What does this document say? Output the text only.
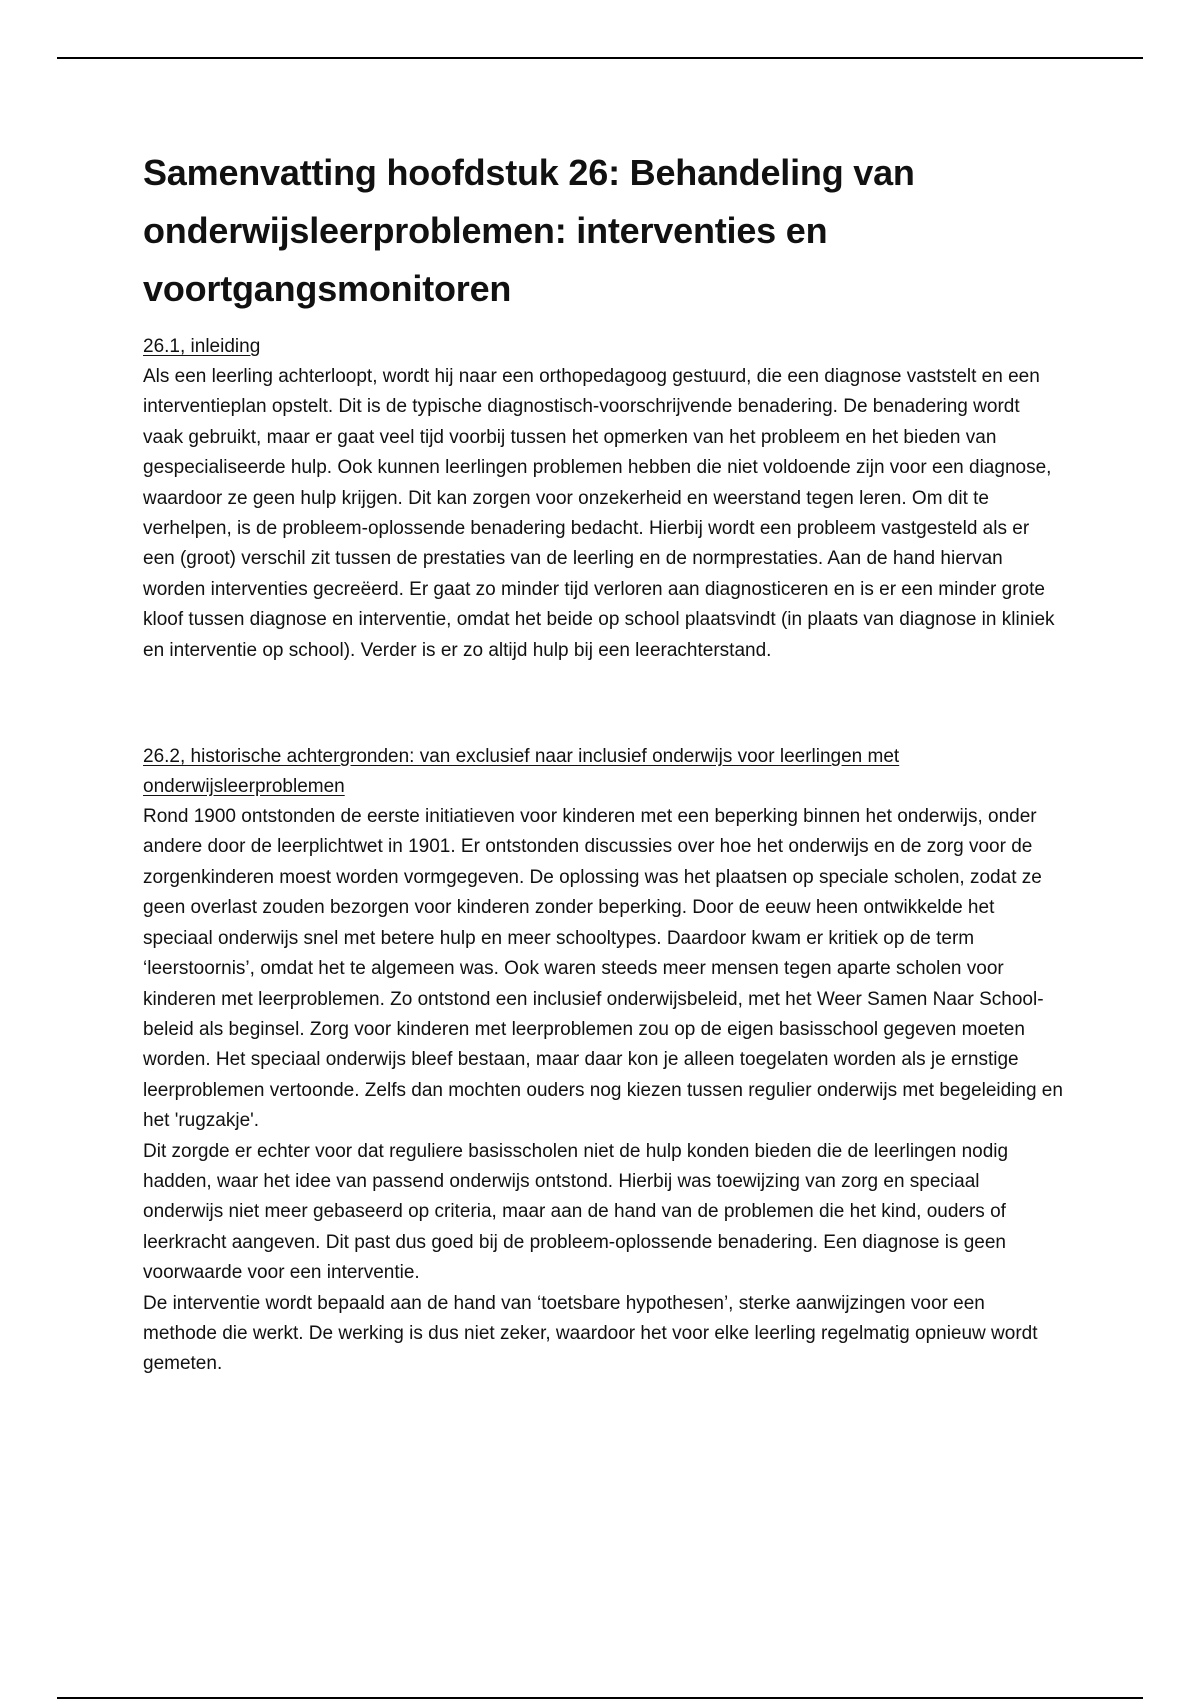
Samenvatting hoofdstuk 26: Behandeling van onderwijsleerproblemen: interventies en voortgangsmonitoren

26.1, inleiding

Als een leerling achterloopt, wordt hij naar een orthopedagoog gestuurd, die een diagnose vaststelt en een interventieplan opstelt. Dit is de typische diagnostisch-voorschrijvende benadering. De benadering wordt vaak gebruikt, maar er gaat veel tijd voorbij tussen het opmerken van het probleem en het bieden van gespecialiseerde hulp. Ook kunnen leerlingen problemen hebben die niet voldoende zijn voor een diagnose, waardoor ze geen hulp krijgen. Dit kan zorgen voor onzekerheid en weerstand tegen leren. Om dit te verhelpen, is de probleem-oplossende benadering bedacht. Hierbij wordt een probleem vastgesteld als er een (groot) verschil zit tussen de prestaties van de leerling en de normprestaties. Aan de hand hiervan worden interventies gecreëerd. Er gaat zo minder tijd verloren aan diagnosticeren en is er een minder grote kloof tussen diagnose en interventie, omdat het beide op school plaatsvindt (in plaats van diagnose in kliniek en interventie op school). Verder is er zo altijd hulp bij een leerachterstand.

26.2, historische achtergronden: van exclusief naar inclusief onderwijs voor leerlingen met onderwijsleerproblemen

Rond 1900 ontstonden de eerste initiatieven voor kinderen met een beperking binnen het onderwijs, onder andere door de leerplichtwet in 1901. Er ontstonden discussies over hoe het onderwijs en de zorg voor de zorgenkinderen moest worden vormgegeven. De oplossing was het plaatsen op speciale scholen, zodat ze geen overlast zouden bezorgen voor kinderen zonder beperking. Door de eeuw heen ontwikkelde het speciaal onderwijs snel met betere hulp en meer schooltypes. Daardoor kwam er kritiek op de term ‘leerstoornis’, omdat het te algemeen was. Ook waren steeds meer mensen tegen aparte scholen voor kinderen met leerproblemen. Zo ontstond een inclusief onderwijsbeleid, met het Weer Samen Naar School-beleid als beginsel. Zorg voor kinderen met leerproblemen zou op de eigen basisschool gegeven moeten worden. Het speciaal onderwijs bleef bestaan, maar daar kon je alleen toegelaten worden als je ernstige leerproblemen vertoonde. Zelfs dan mochten ouders nog kiezen tussen regulier onderwijs met begeleiding en het 'rugzakje'.

Dit zorgde er echter voor dat reguliere basisscholen niet de hulp konden bieden die de leerlingen nodig hadden, waar het idee van passend onderwijs ontstond. Hierbij was toewijzing van zorg en speciaal onderwijs niet meer gebaseerd op criteria, maar aan de hand van de problemen die het kind, ouders of leerkracht aangeven. Dit past dus goed bij de probleem-oplossende benadering. Een diagnose is geen voorwaarde voor een interventie.

De interventie wordt bepaald aan de hand van ‘toetsbare hypothesen’, sterke aanwijzingen voor een methode die werkt. De werking is dus niet zeker, waardoor het voor elke leerling regelmatig opnieuw wordt gemeten.
